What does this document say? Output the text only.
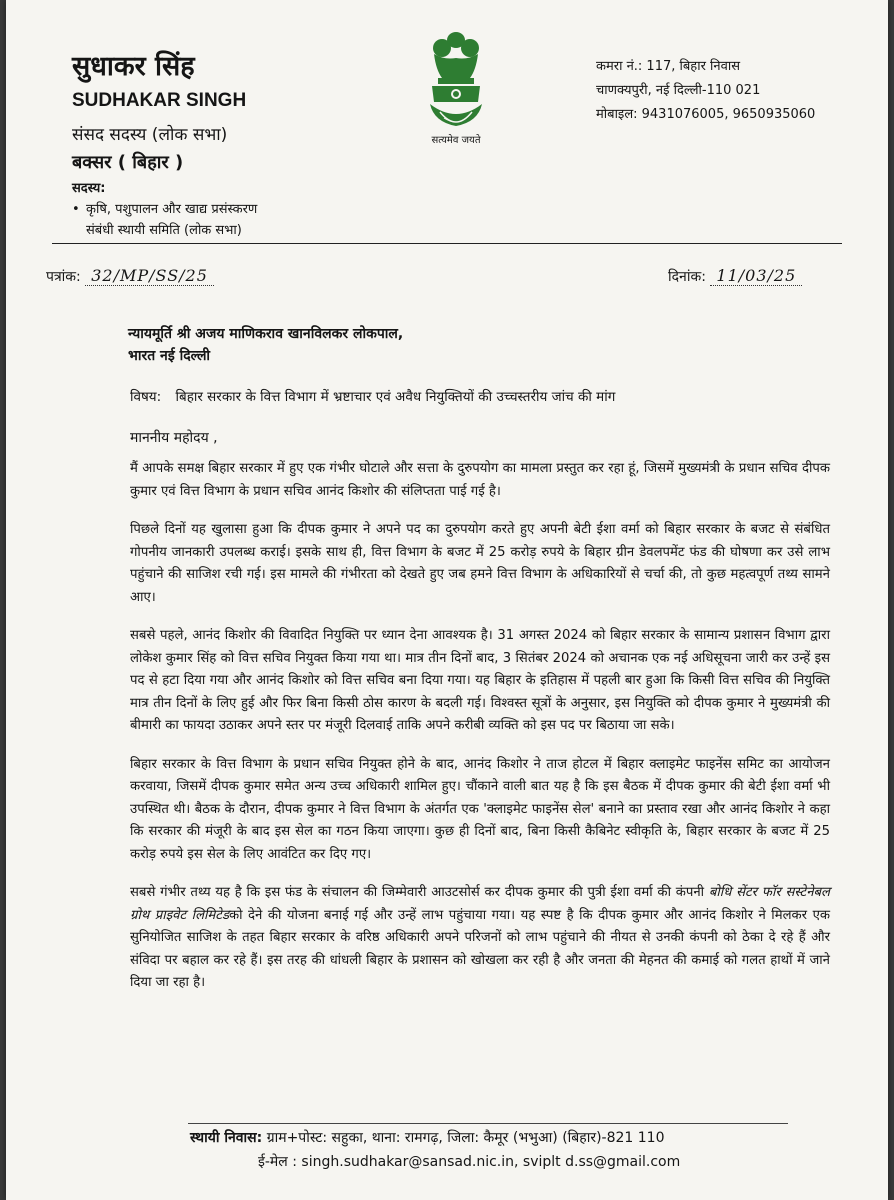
सुधाकर सिंह
SUDHAKAR SINGH
संसद सदस्य (लोक सभा)
बक्सर ( बिहार )
सदस्य:
• कृषि, पशुपालन और खाद्य प्रसंस्करण
संबंधी स्थायी समिति (लोक सभा)
सत्यमेव जयते
कमरा नं.: 117, बिहार निवास
चाणक्यपुरी, नई दिल्ली-110 021
मोबाइल: 9431076005, 9650935060
पत्रांक: 32/MP/SS/25	दिनांक: 11/03/25
न्यायमूर्ति श्री अजय माणिकराव खानविलकर लोकपाल,
भारत नई दिल्ली
विषय: बिहार सरकार के वित्त विभाग में भ्रष्टाचार एवं अवैध नियुक्तियों की उच्चस्तरीय जांच की मांग
माननीय महोदय ,

मैं आपके समक्ष बिहार सरकार में हुए एक गंभीर घोटाले और सत्ता के दुरुपयोग का मामला प्रस्तुत कर रहा हूं, जिसमें मुख्यमंत्री के प्रधान सचिव दीपक कुमार एवं वित्त विभाग के प्रधान सचिव आनंद किशोर की संलिप्तता पाई गई है।

पिछले दिनों यह खुलासा हुआ कि दीपक कुमार ने अपने पद का दुरुपयोग करते हुए अपनी बेटी ईशा वर्मा को बिहार सरकार के बजट से संबंधित गोपनीय जानकारी उपलब्ध कराई। इसके साथ ही, वित्त विभाग के बजट में 25 करोड़ रुपये के बिहार ग्रीन डेवलपमेंट फंड की घोषणा कर उसे लाभ पहुंचाने की साजिश रची गई। इस मामले की गंभीरता को देखते हुए जब हमने वित्त विभाग के अधिकारियों से चर्चा की, तो कुछ महत्वपूर्ण तथ्य सामने आए।

सबसे पहले, आनंद किशोर की विवादित नियुक्ति पर ध्यान देना आवश्यक है। 31 अगस्त 2024 को बिहार सरकार के सामान्य प्रशासन विभाग द्वारा लोकेश कुमार सिंह को वित्त सचिव नियुक्त किया गया था। मात्र तीन दिनों बाद, 3 सितंबर 2024 को अचानक एक नई अधिसूचना जारी कर उन्हें इस पद से हटा दिया गया और आनंद किशोर को वित्त सचिव बना दिया गया। यह बिहार के इतिहास में पहली बार हुआ कि किसी वित्त सचिव की नियुक्ति मात्र तीन दिनों के लिए हुई और फिर बिना किसी ठोस कारण के बदली गई। विश्वस्त सूत्रों के अनुसार, इस नियुक्ति को दीपक कुमार ने मुख्यमंत्री की बीमारी का फायदा उठाकर अपने स्तर पर मंजूरी दिलवाई ताकि अपने करीबी व्यक्ति को इस पद पर बिठाया जा सके।

बिहार सरकार के वित्त विभाग के प्रधान सचिव नियुक्त होने के बाद, आनंद किशोर ने ताज होटल में बिहार क्लाइमेट फाइनेंस समिट का आयोजन करवाया, जिसमें दीपक कुमार समेत अन्य उच्च अधिकारी शामिल हुए। चौंकाने वाली बात यह है कि इस बैठक में दीपक कुमार की बेटी ईशा वर्मा भी उपस्थित थी। बैठक के दौरान, दीपक कुमार ने वित्त विभाग के अंतर्गत एक 'क्लाइमेट फाइनेंस सेल' बनाने का प्रस्ताव रखा और आनंद किशोर ने कहा कि सरकार की मंजूरी के बाद इस सेल का गठन किया जाएगा। कुछ ही दिनों बाद, बिना किसी कैबिनेट स्वीकृति के, बिहार सरकार के बजट में 25 करोड़ रुपये इस सेल के लिए आवंटित कर दिए गए।

सबसे गंभीर तथ्य यह है कि इस फंड के संचालन की जिम्मेवारी आउटसोर्स कर दीपक कुमार की पुत्री ईशा वर्मा की कंपनी बोधि सेंटर फॉर सस्टेनेबल ग्रोथ प्राइवेट लिमिटेडको देने की योजना बनाई गई और उन्हें लाभ पहुंचाया गया। यह स्पष्ट है कि दीपक कुमार और आनंद किशोर ने मिलकर एक सुनियोजित साजिश के तहत बिहार सरकार के वरिष्ठ अधिकारी अपने परिजनों को लाभ पहुंचाने की नीयत से उनकी कंपनी को ठेका दे रहे हैं और संविदा पर बहाल कर रहे हैं। इस तरह की धांधली बिहार के प्रशासन को खोखला कर रही है और जनता की मेहनत की कमाई को गलत हाथों में जाने दिया जा रहा है।

स्थायी निवास: ग्राम+पोस्ट: सहुका, थाना: रामगढ़, जिला: कैमूर (भभुआ) (बिहार)-821 110
ई-मेल : singh.sudhakar@sansad.nic.in, sviplt d.ss@gmail.com
